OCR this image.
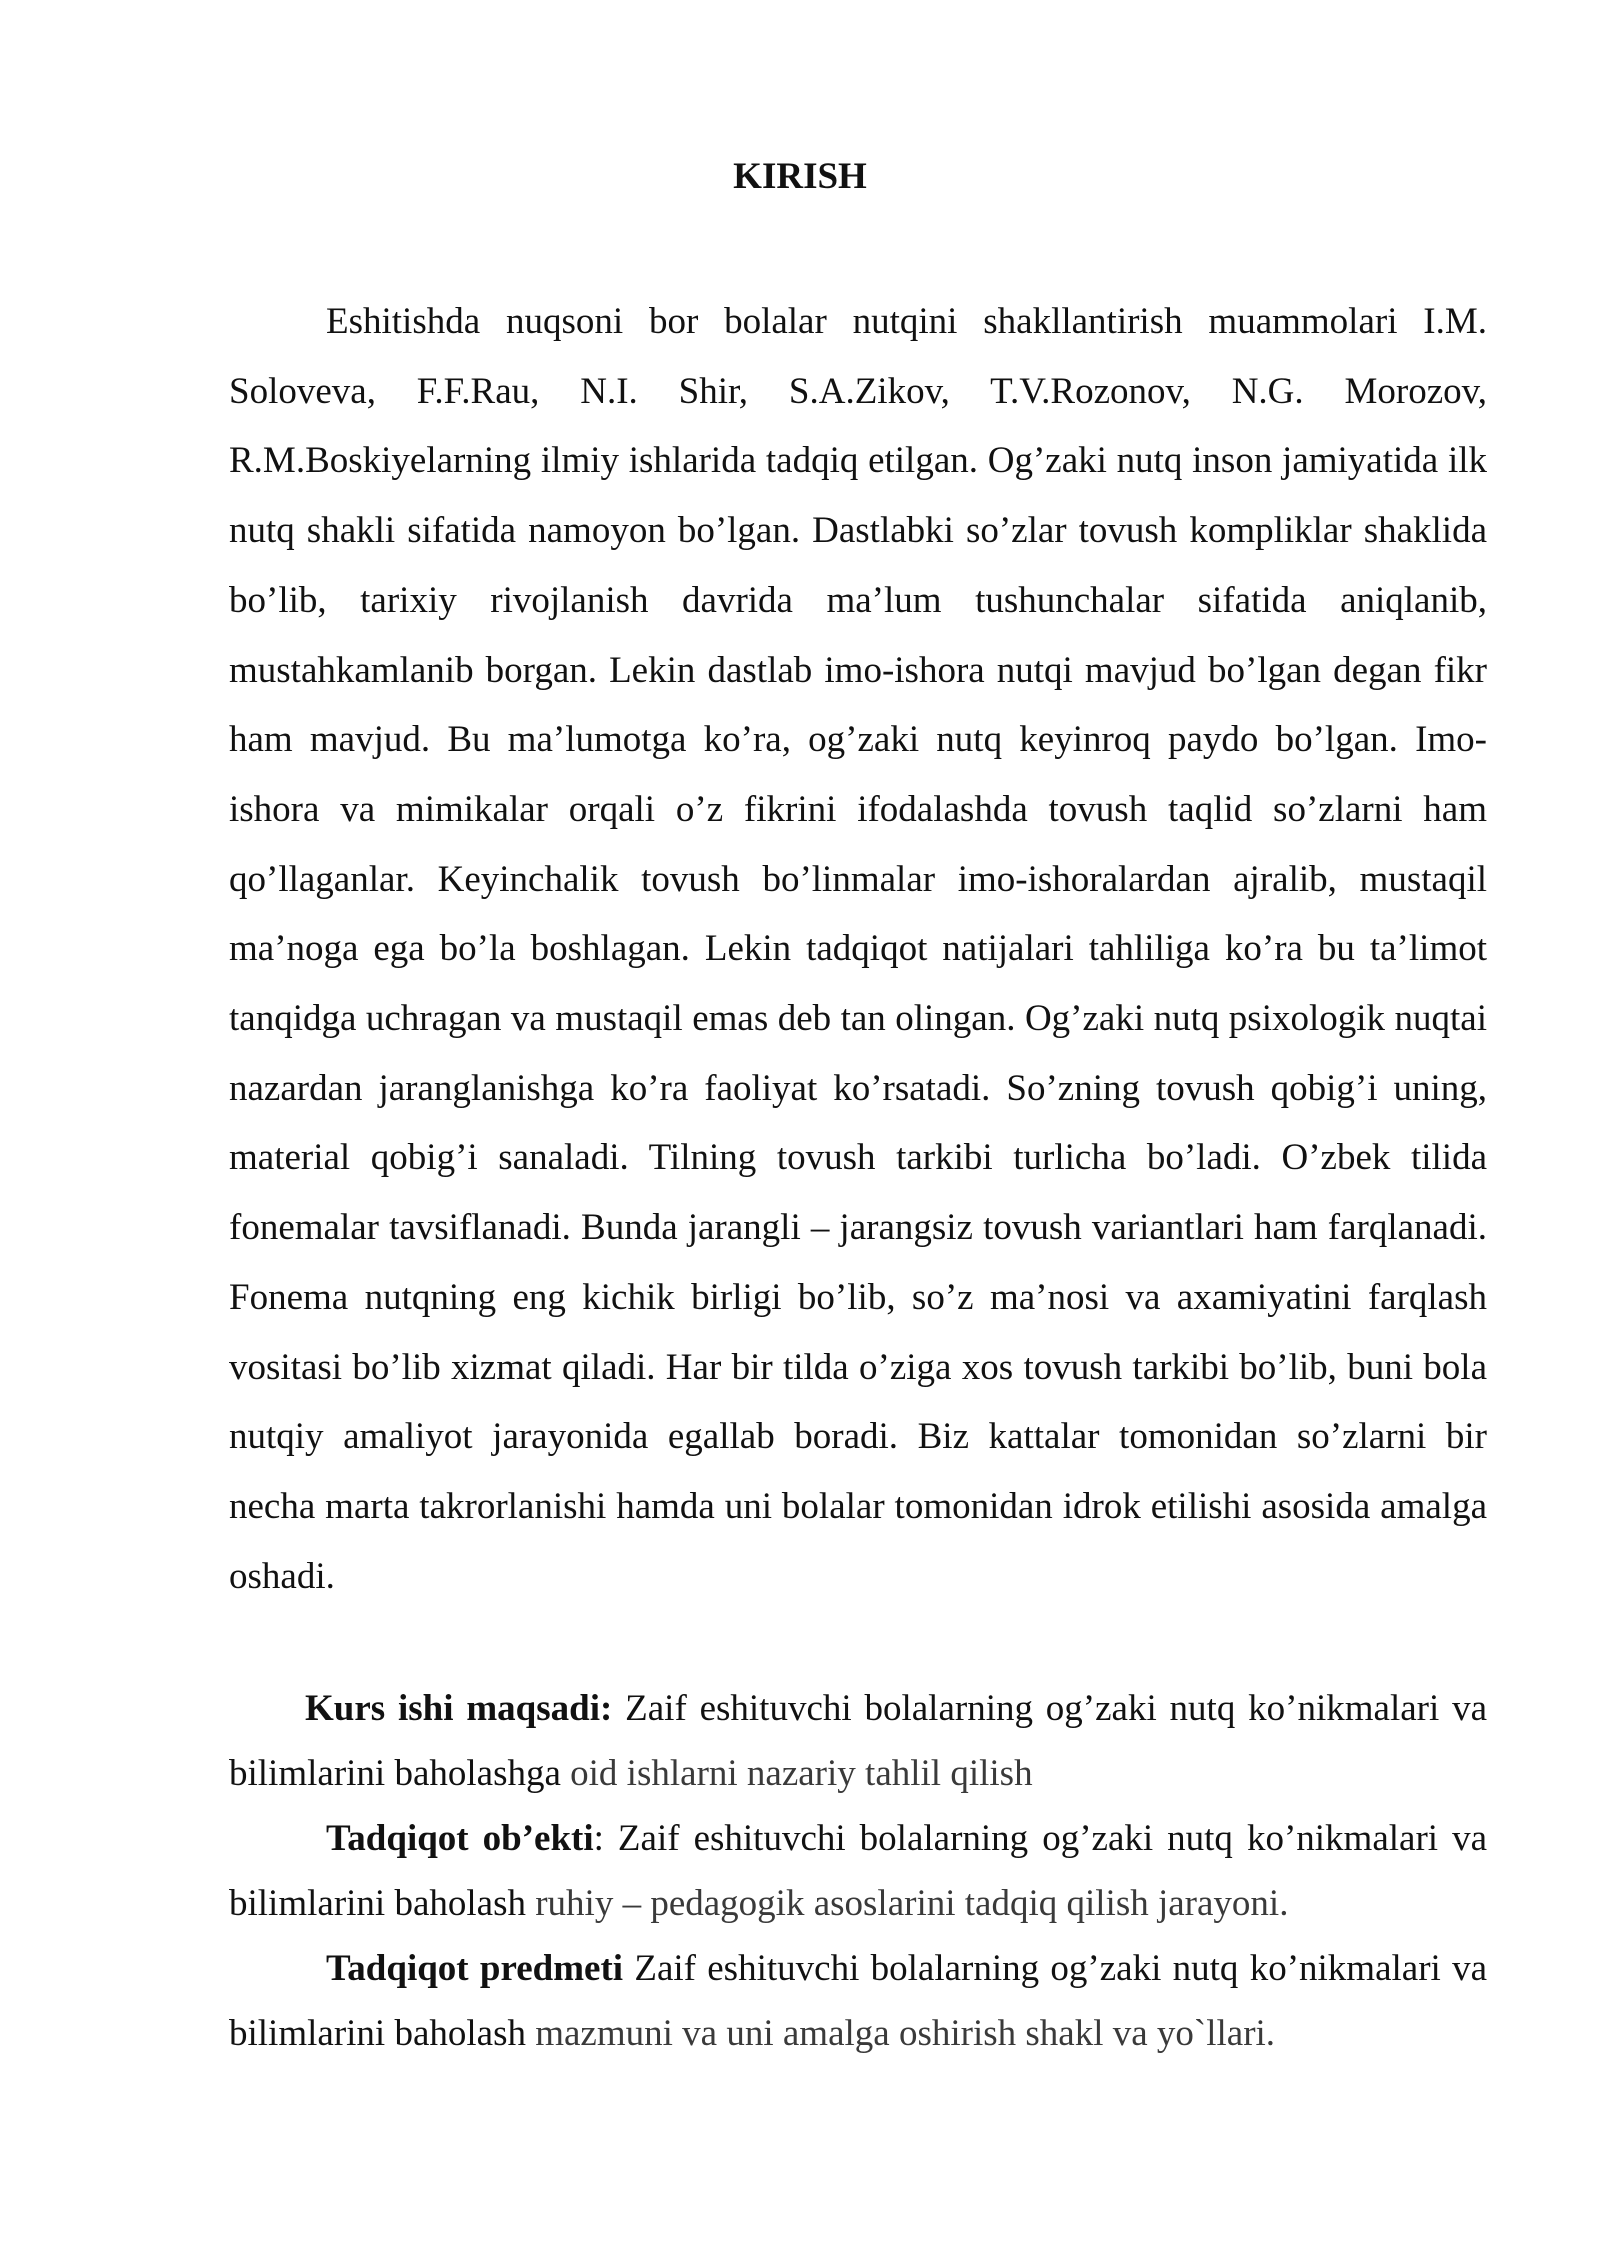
KIRISH

Eshitishda nuqsoni bor bolalar nutqini shakllantirish muammolari I.M. Soloveva, F.F.Rau, N.I. Shir, S.A.Zikov, T.V.Rozonov, N.G. Morozov, R.M.Boskiyelarning ilmiy ishlarida tadqiq etilgan. Og’zaki nutq inson jamiyatida ilk nutq shakli sifatida namoyon bo’lgan. Dastlabki so’zlar tovush kompliklar shaklida bo’lib, tarixiy rivojlanish davrida ma’lum tushunchalar sifatida aniqlanib, mustahkamlanib borgan. Lekin dastlab imo-ishora nutqi mavjud bo’lgan degan fikr ham mavjud. Bu ma’lumotga ko’ra, og’zaki nutq keyinroq paydo bo’lgan. Imo-ishora va mimikalar orqali o’z fikrini ifodalashda tovush taqlid so’zlarni ham qo’llaganlar. Keyinchalik tovush bo’linmalar imo-ishoralardan ajralib, mustaqil ma’noga ega bo’la boshlagan. Lekin tadqiqot natijalari tahliliga ko’ra bu ta’limot tanqidga uchragan va mustaqil emas deb tan olingan. Og’zaki nutq psixologik nuqtai nazardan jaranglanishga ko’ra faoliyat ko’rsatadi. So’zning tovush qobig’i uning, material qobig’i sanaladi. Tilning tovush tarkibi turlicha bo’ladi. O’zbek tilida fonemalar tavsiflanadi. Bunda jarangli – jarangsiz tovush variantlari ham farqlanadi. Fonema nutqning eng kichik birligi bo’lib, so’z ma’nosi va axamiyatini farqlash vositasi bo’lib xizmat qiladi. Har bir tilda o’ziga xos tovush tarkibi bo’lib, buni bola nutqiy amaliyot jarayonida egallab boradi. Biz kattalar tomonidan so’zlarni bir necha marta takrorlanishi hamda uni bolalar tomonidan idrok etilishi asosida amalga oshadi.

Kurs ishi maqsadi: Zaif eshituvchi bolalarning og’zaki nutq ko’nikmalari va bilimlarini baholashga oid ishlarni nazariy tahlil qilish

Tadqiqot ob’ekti: Zaif eshituvchi bolalarning og’zaki nutq ko’nikmalari va bilimlarini baholash ruhiy – pedagogik asoslarini tadqiq qilish jarayoni.

Tadqiqot predmeti Zaif eshituvchi bolalarning og’zaki nutq ko’nikmalari va bilimlarini baholash mazmuni va uni amalga oshirish shakl va yo`llari.
